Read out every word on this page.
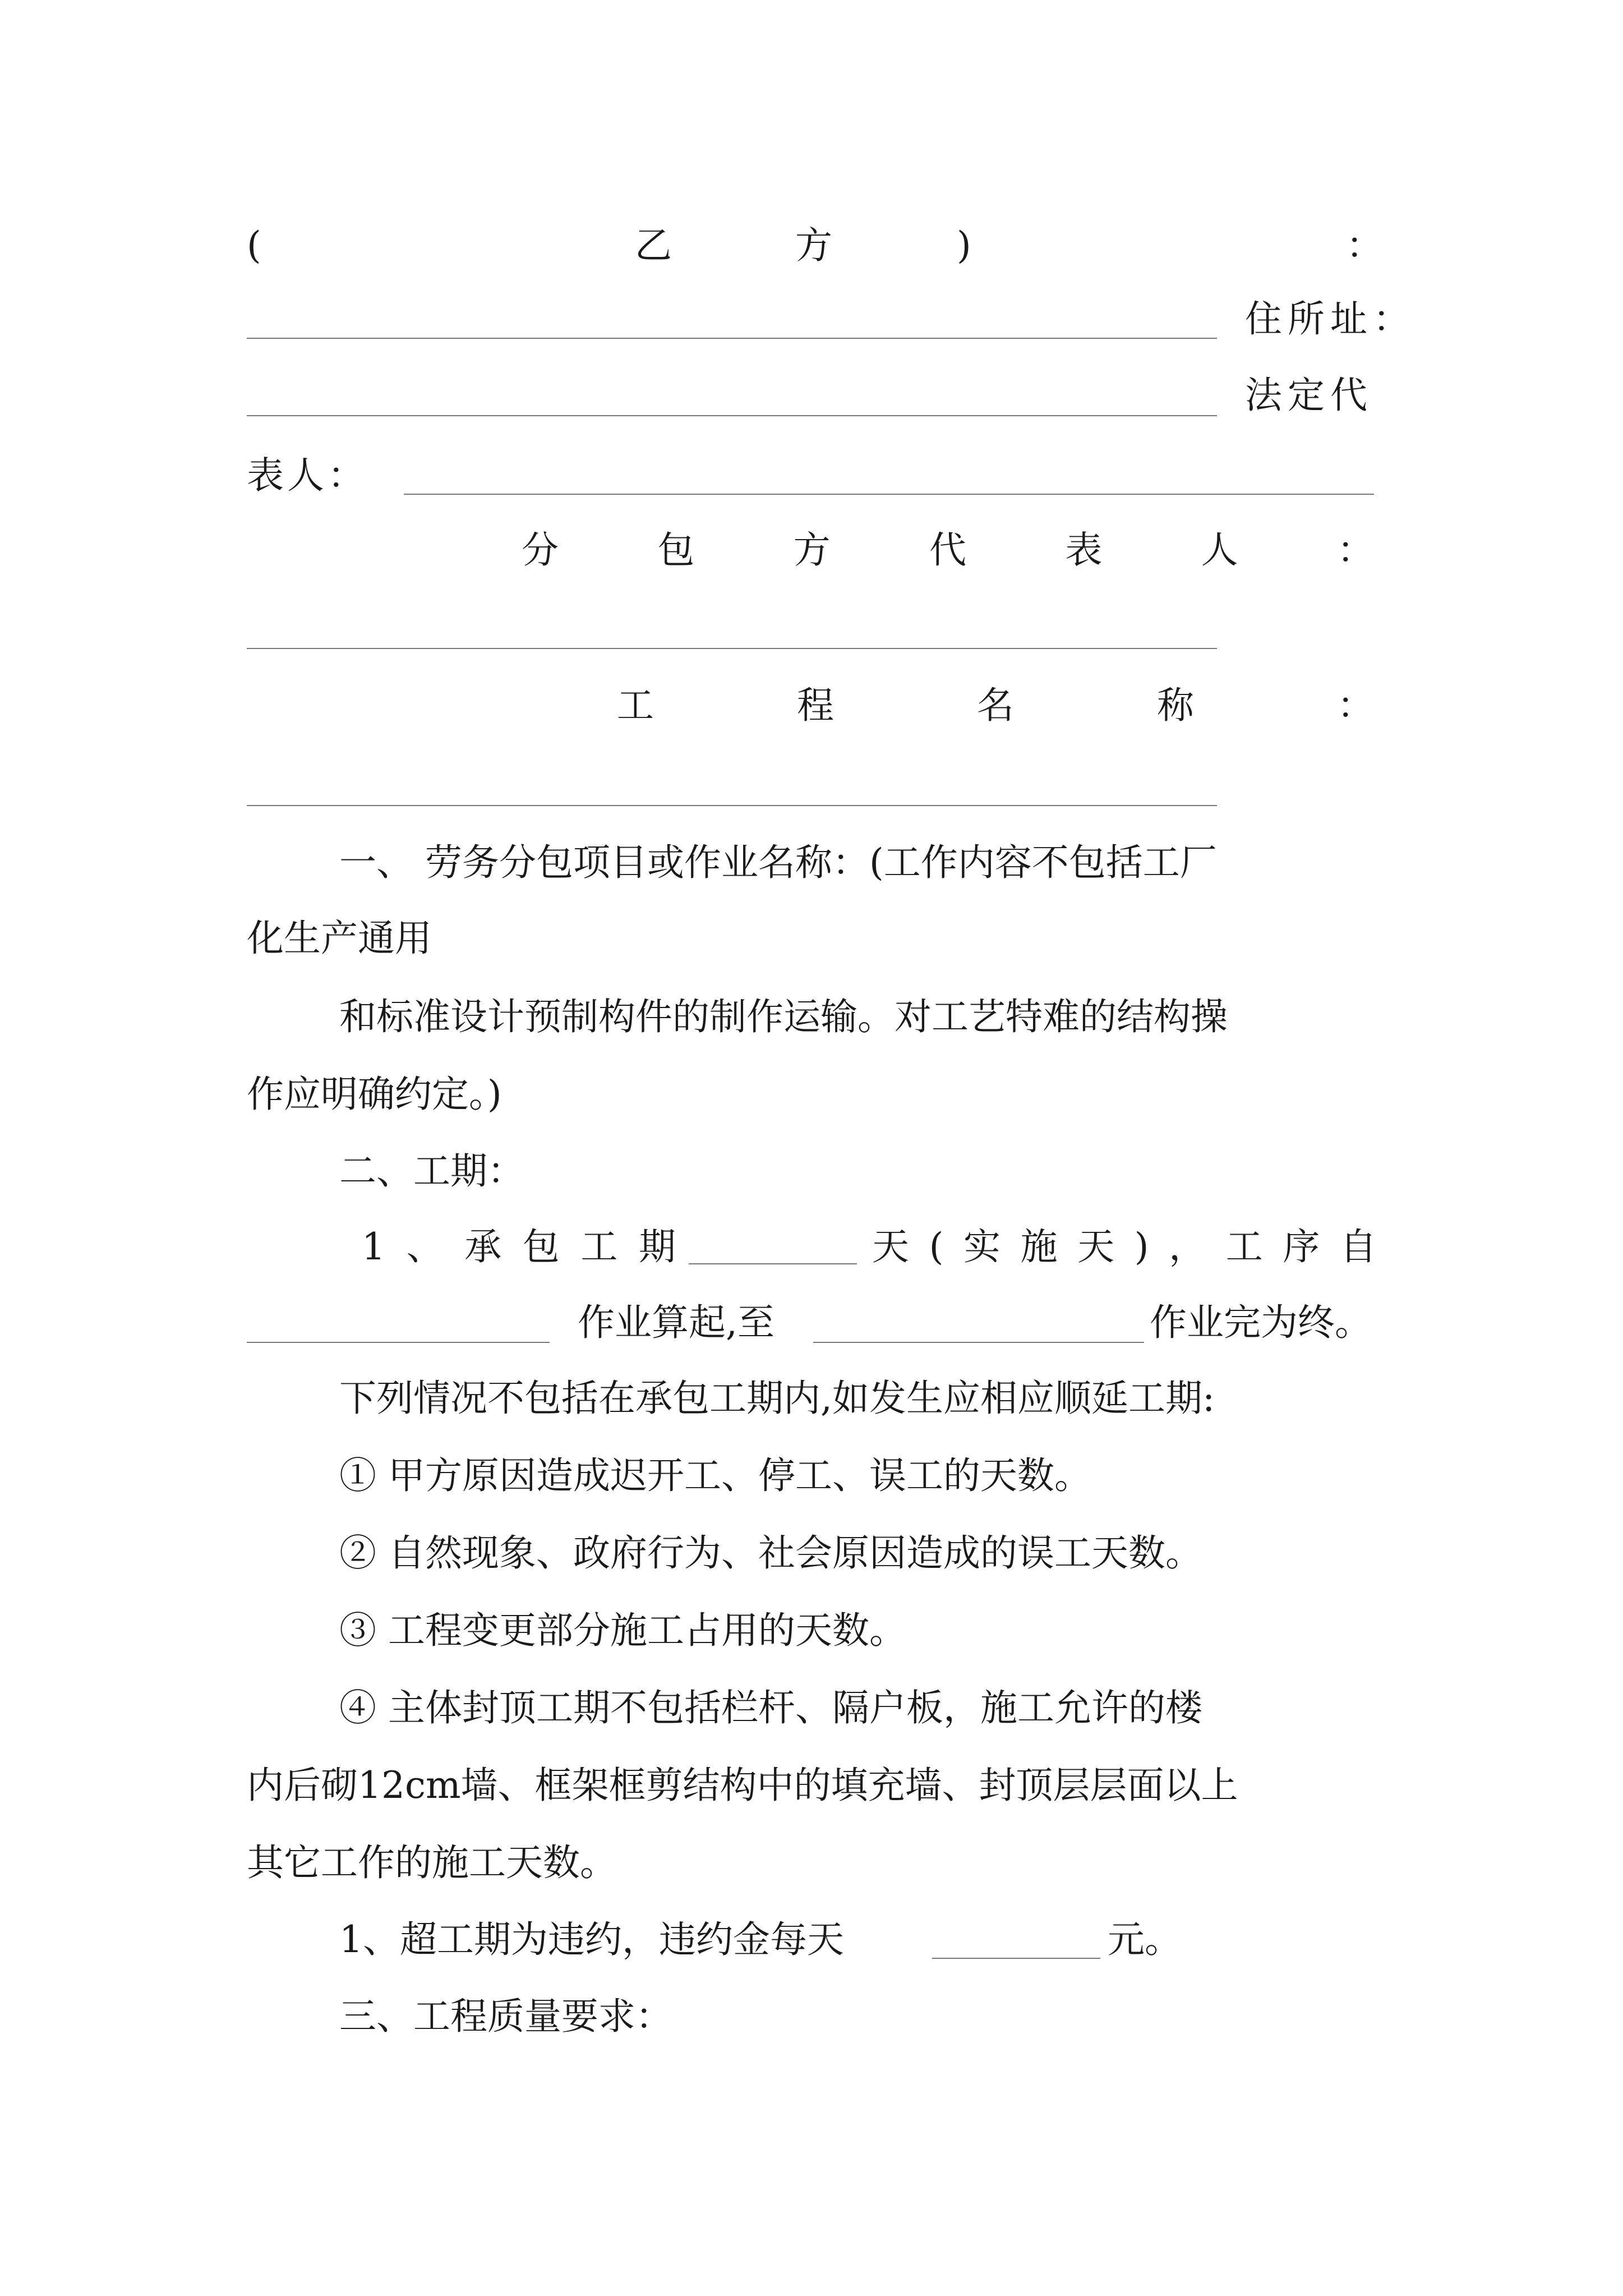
(	乙	方	)	：
住所址：
法定代
表人：
分	包	方	代	表	人	：
工	程	名	称	：
一、 劳务分包项目或作业名称：(工作内容不包括工厂
化生产通用
和标准设计预制构件的制作运输。对工艺特难的结构操
作应明确约定。)
二、工期：
1 、 承 包 工 期	天 ( 实 施 天 ) ， 工 序 自
作业算起,至	作业完为终。
下列情况不包括在承包工期内,如发生应相应顺延工期:
① 甲方原因造成迟开工、停工、误工的天数。
② 自然现象、政府行为、社会原因造成的误工天数。
③ 工程变更部分施工占用的天数。
④ 主体封顶工期不包括栏杆、隔户板，施工允许的楼
内后砌12cm墙、框架框剪结构中的填充墙、封顶层层面以上
其它工作的施工天数。
1、超工期为违约，违约金每天	元。
三、工程质量要求：
